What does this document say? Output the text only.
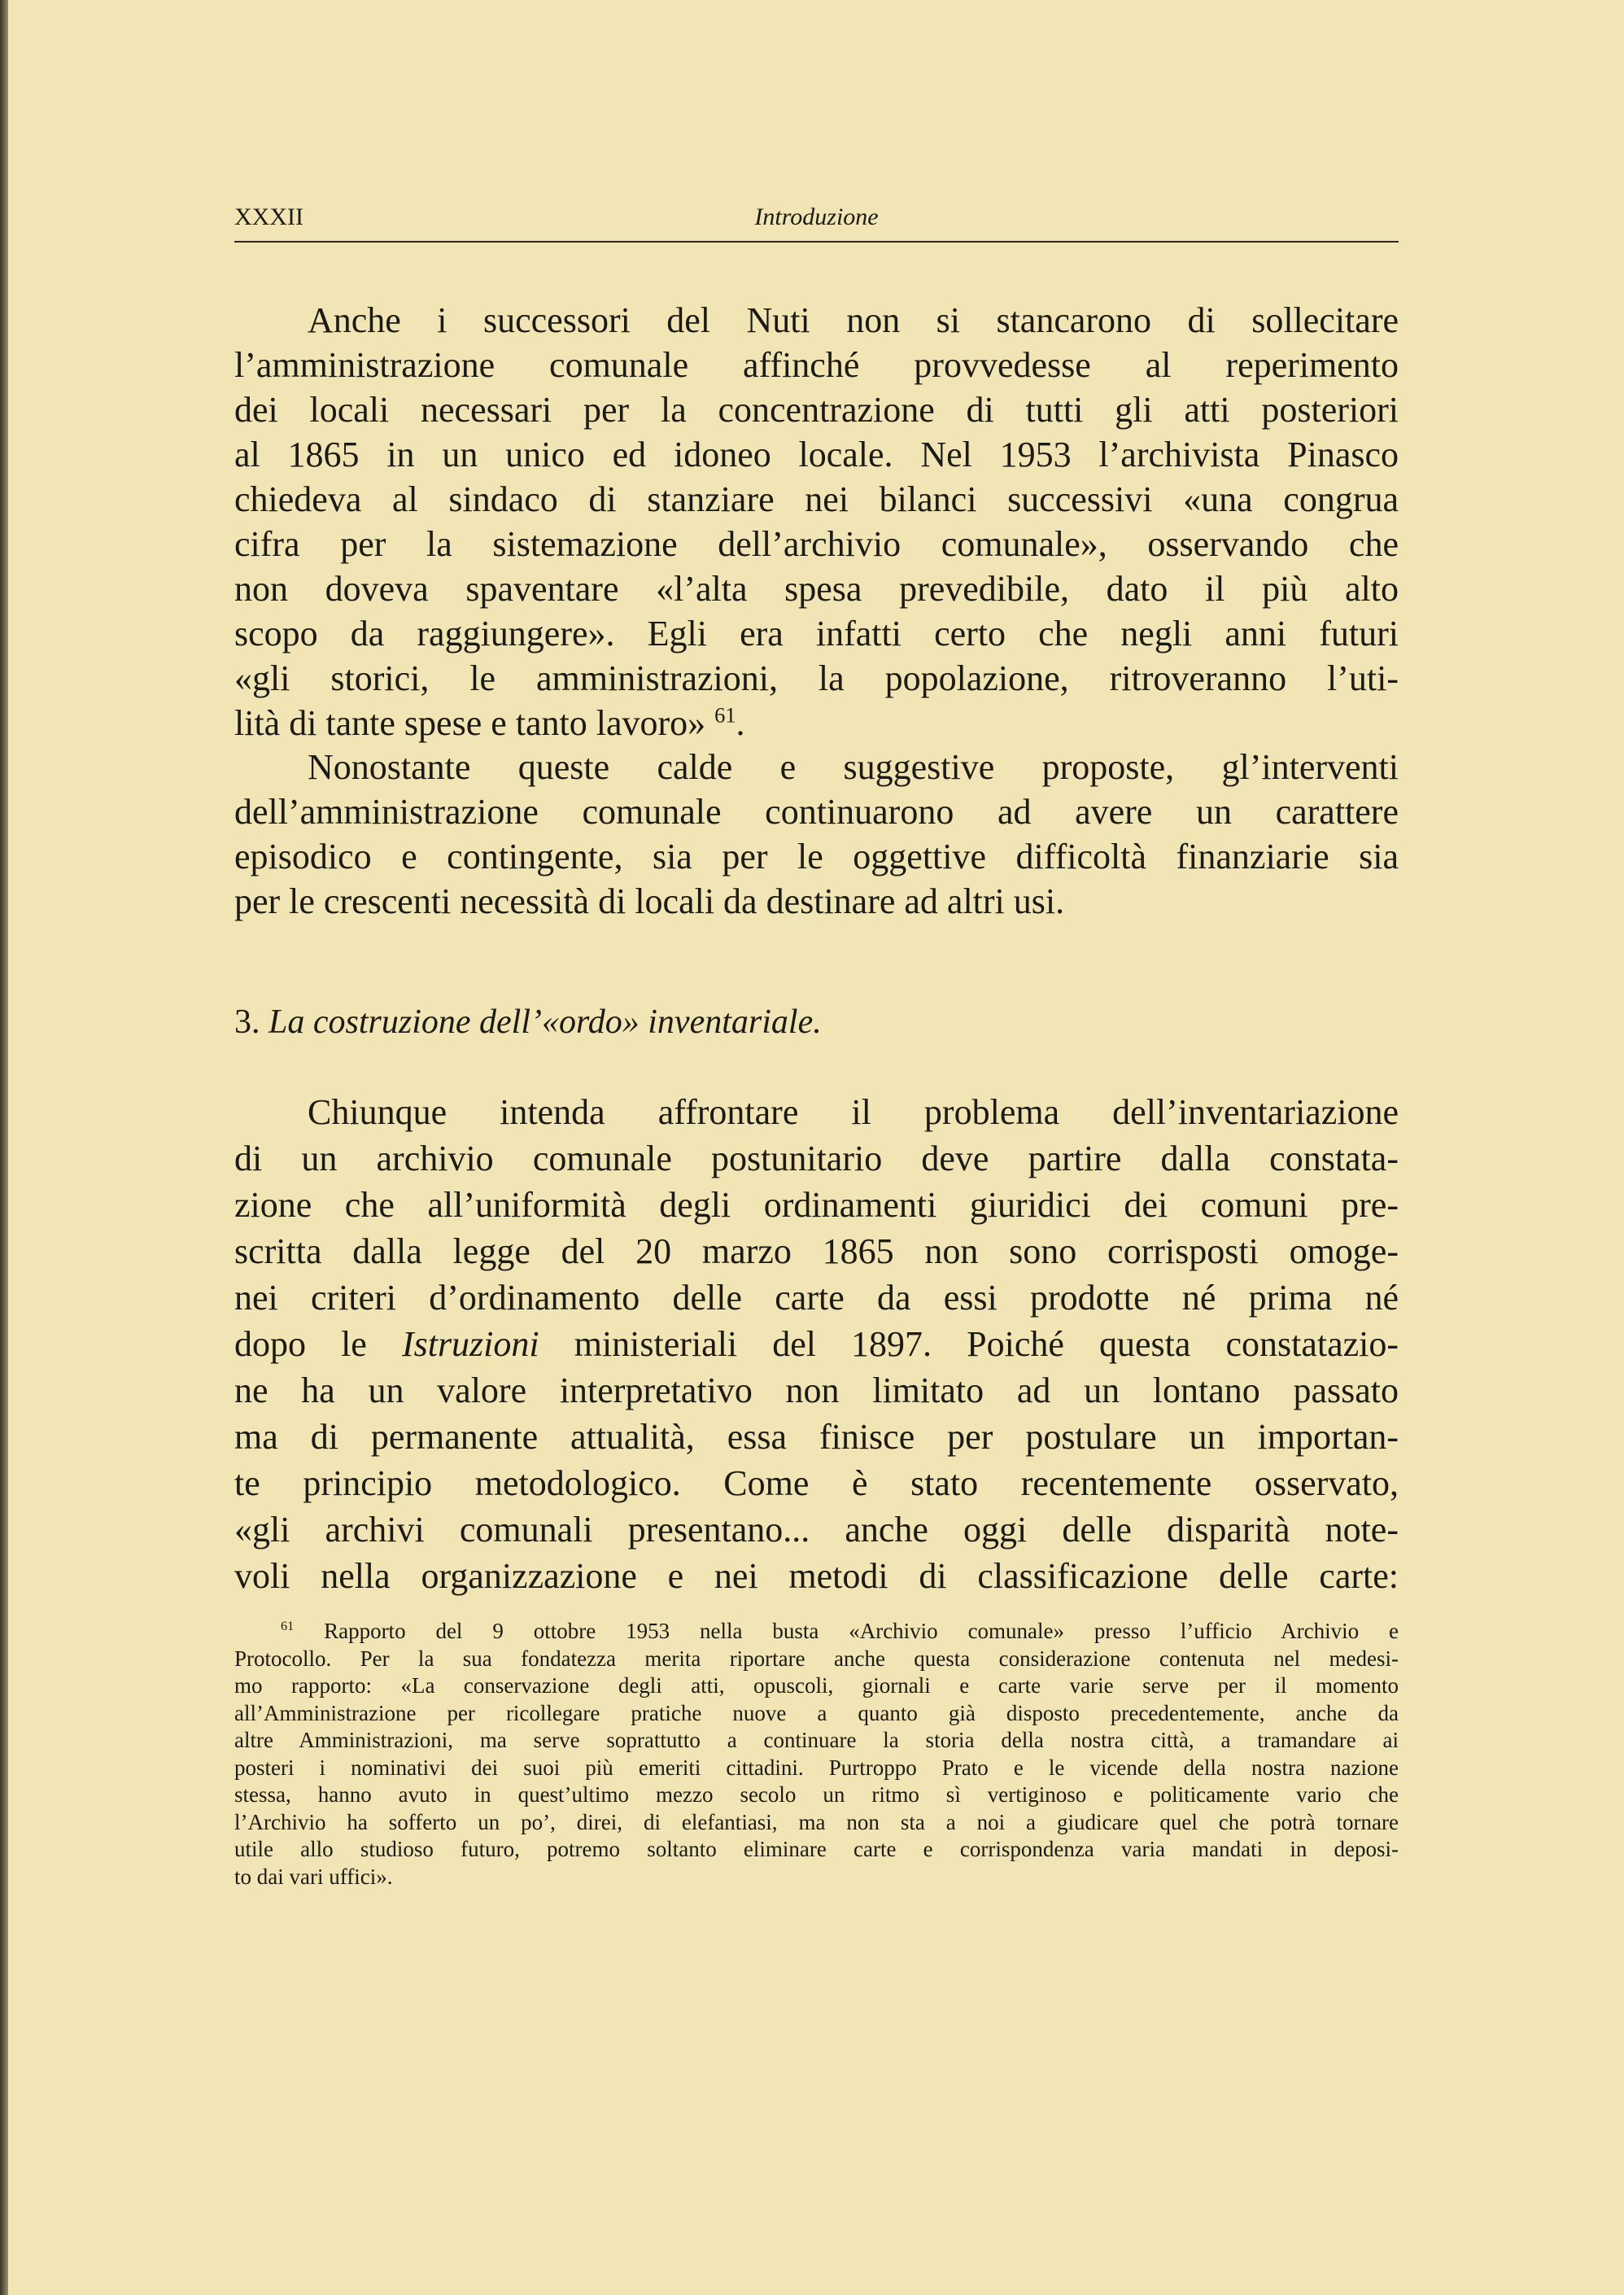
XXXII	Introduzione
Anche i successori del Nuti non si stancarono di sollecitare
l’amministrazione comunale affinché provvedesse al reperimento
dei locali necessari per la concentrazione di tutti gli atti posteriori
al 1865 in un unico ed idoneo locale. Nel 1953 l’archivista Pinasco
chiedeva al sindaco di stanziare nei bilanci successivi «una congrua
cifra per la sistemazione dell’archivio comunale», osservando che
non doveva spaventare «l’alta spesa prevedibile, dato il più alto
scopo da raggiungere». Egli era infatti certo che negli anni futuri
«gli storici, le amministrazioni, la popolazione, ritroveranno l’uti-
lità di tante spese e tanto lavoro» $^{61}$.
Nonostante queste calde e suggestive proposte, gl’interventi
dell’amministrazione comunale continuarono ad avere un carattere
episodico e contingente, sia per le oggettive difficoltà finanziarie sia
per le crescenti necessità di locali da destinare ad altri usi.
3. La costruzione dell’«ordo» inventariale.
Chiunque intenda affrontare il problema dell’inventariazione
di un archivio comunale postunitario deve partire dalla constata-
zione che all’uniformità degli ordinamenti giuridici dei comuni pre-
scritta dalla legge del 20 marzo 1865 non sono corrisposti omoge-
nei criteri d’ordinamento delle carte da essi prodotte né prima né
dopo le Istruzioni ministeriali del 1897. Poiché questa constatazio-
ne ha un valore interpretativo non limitato ad un lontano passato
ma di permanente attualità, essa finisce per postulare un importan-
te principio metodologico. Come è stato recentemente osservato,
«gli archivi comunali presentano... anche oggi delle disparità note-
voli nella organizzazione e nei metodi di classificazione delle carte:
$^{61}$ Rapporto del 9 ottobre 1953 nella busta «Archivio comunale» presso l’ufficio Archivio e
Protocollo. Per la sua fondatezza merita riportare anche questa considerazione contenuta nel medesi-
mo rapporto: «La conservazione degli atti, opuscoli, giornali e carte varie serve per il momento
all’Amministrazione per ricollegare pratiche nuove a quanto già disposto precedentemente, anche da
altre Amministrazioni, ma serve soprattutto a continuare la storia della nostra città, a tramandare ai
posteri i nominativi dei suoi più emeriti cittadini. Purtroppo Prato e le vicende della nostra nazione
stessa, hanno avuto in quest’ultimo mezzo secolo un ritmo sì vertiginoso e politicamente vario che
l’Archivio ha sofferto un po’, direi, di elefantiasi, ma non sta a noi a giudicare quel che potrà tornare
utile allo studioso futuro, potremo soltanto eliminare carte e corrispondenza varia mandati in deposi-
to dai vari uffici».
